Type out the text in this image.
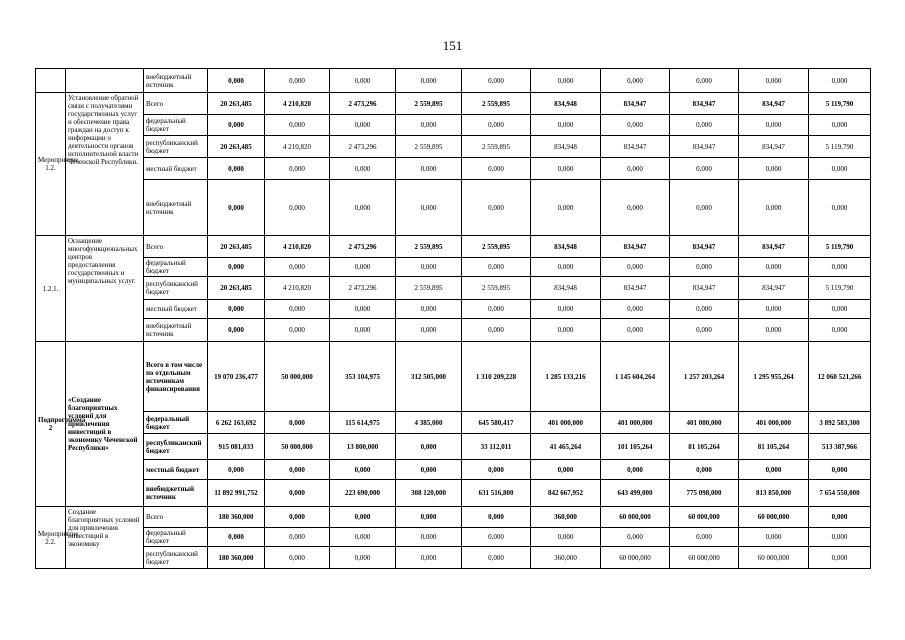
151
		внебюджетный источник	0,000	0,000	0,000	0,000	0,000	0,000	0,000	0,000	0,000	0,000
Мероприятие 1.2.	Установление обратной связи с получателями государственных услуг и обеспечение права граждан на доступ к информации о деятельности органов исполнительной власти Чеченской Республики.	Всего	20 263,485	4 210,820	2 473,296	2 559,895	2 559,895	834,948	834,947	834,947	834,947	5 119,790
		федеральный бюджет	0,000	0,000	0,000	0,000	0,000	0,000	0,000	0,000	0,000	0,000
		республиканский бюджет	20 263,485	4 210,820	2 473,296	2 559,895	2 559,895	834,948	834,947	834,947	834,947	5 119,790
		местный бюджет	0,000	0,000	0,000	0,000	0,000	0,000	0,000	0,000	0,000	0,000
		внебюджетный источник	0,000	0,000	0,000	0,000	0,000	0,000	0,000	0,000	0,000	0,000
1.2.1.	Оснащение многофункциональных центров предоставления государственных и муниципальных услуг.	Всего	20 263,485	4 210,820	2 473,296	2 559,895	2 559,895	834,948	834,947	834,947	834,947	5 119,790
		федеральный бюджет	0,000	0,000	0,000	0,000	0,000	0,000	0,000	0,000	0,000	0,000
		республиканский бюджет	20 263,485	4 210,820	2 473,296	2 559,895	2 559,895	834,948	834,947	834,947	834,947	5 119,790
		местный бюджет	0,000	0,000	0,000	0,000	0,000	0,000	0,000	0,000	0,000	0,000
		внебюджетный источник	0,000	0,000	0,000	0,000	0,000	0,000	0,000	0,000	0,000	0,000
Подпрограмма 2	«Создание благоприятных условий для привлечения инвестиций в экономику Чеченской Республики»	Всего в том числе по отдельным источникам финансирования	19 070 236,477	50 000,000	353 104,975	312 505,000	1 310 209,228	1 285 133,216	1 145 604,264	1 257 203,264	1 295 955,264	12 060 521,266
		федеральный бюджет	6 262 163,692	0,000	115 614,975	4 385,000	645 580,417	401 000,000	401 000,000	401 000,000	401 000,000	3 892 583,300
		республиканский бюджет	915 081,033	50 000,000	13 800,000	0,000	33 112,011	41 465,264	101 105,264	81 105,264	81 105,264	513 387,966
		местный бюджет	0,000	0,000	0,000	0,000	0,000	0,000	0,000	0,000	0,000	0,000
		внебюджетный источник	11 892 991,752	0,000	223 690,000	308 120,000	631 516,800	842 667,952	643 499,000	775 098,000	813 850,000	7 654 550,000
Мероприятие 2.2.	Создание благоприятных условий для привлечения инвестиций в экономику	Всего	180 360,000	0,000	0,000	0,000	0,000	360,000	60 000,000	60 000,000	60 000,000	0,000
		федеральный бюджет	0,000	0,000	0,000	0,000	0,000	0,000	0,000	0,000	0,000	0,000
		республиканский бюджет	180 360,000	0,000	0,000	0,000	0,000	360,000	60 000,000	60 000,000	60 000,000	0,000
